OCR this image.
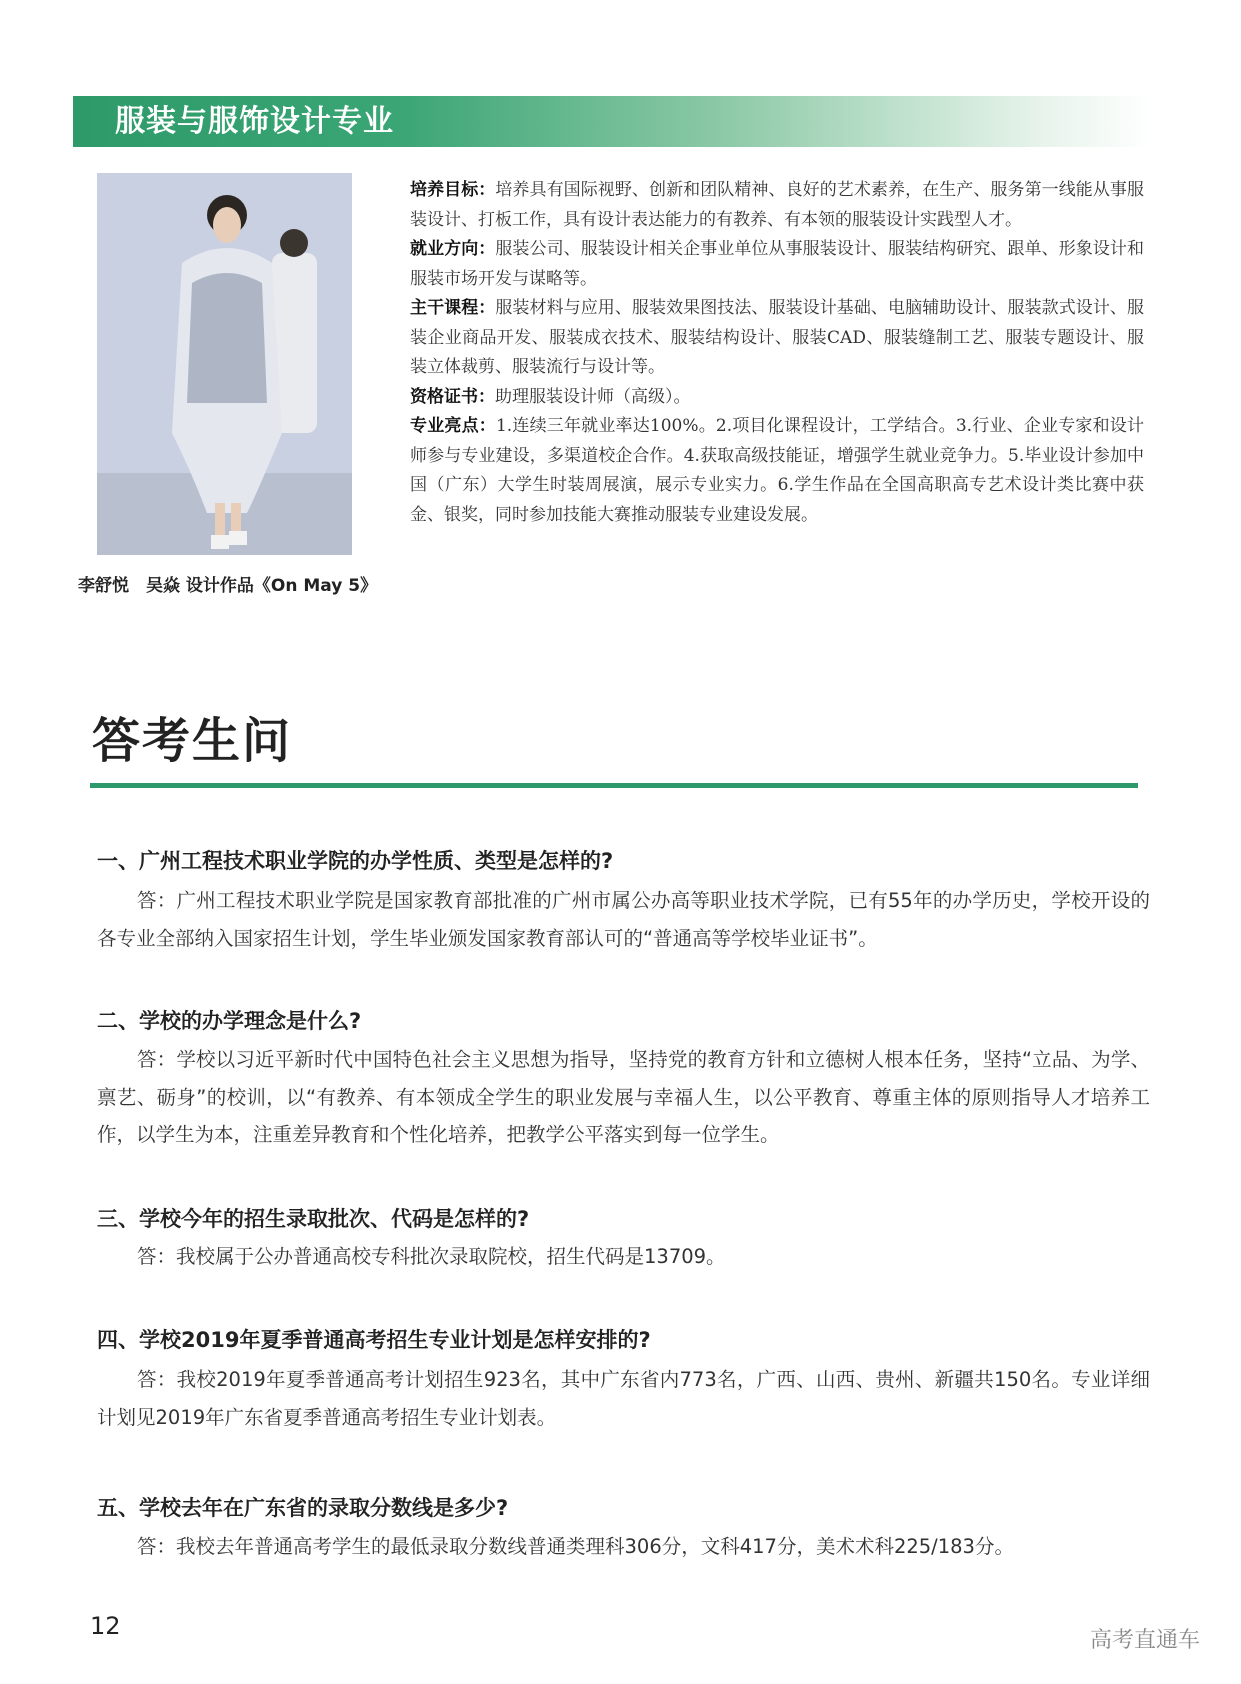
服装与服饰设计专业
李舒悦　吴焱 设计作品《On May 5》

培养目标：培养具有国际视野、创新和团队精神、良好的艺术素养，在生产、服务第一线能从事服装设计、打板工作，具有设计表达能力的有教养、有本领的服装设计实践型人才。

就业方向：服装公司、服装设计相关企事业单位从事服装设计、服装结构研究、跟单、形象设计和服装市场开发与谋略等。

主干课程：服装材料与应用、服装效果图技法、服装设计基础、电脑辅助设计、服装款式设计、服装企业商品开发、服装成衣技术、服装结构设计、服装CAD、服装缝制工艺、服装专题设计、服装立体裁剪、服装流行与设计等。

资格证书：助理服装设计师（高级）。

专业亮点：1.连续三年就业率达100%。2.项目化课程设计，工学结合。3.行业、企业专家和设计师参与专业建设，多渠道校企合作。4.获取高级技能证，增强学生就业竞争力。5.毕业设计参加中国（广东）大学生时装周展演，展示专业实力。6.学生作品在全国高职高专艺术设计类比赛中获金、银奖，同时参加技能大赛推动服装专业建设发展。

答考生问
一、广州工程技术职业学院的办学性质、类型是怎样的?

答：广州工程技术职业学院是国家教育部批准的广州市属公办高等职业技术学院，已有55年的办学历史，学校开设的各专业全部纳入国家招生计划，学生毕业颁发国家教育部认可的“普通高等学校毕业证书”。

二、学校的办学理念是什么?

答：学校以习近平新时代中国特色社会主义思想为指导，坚持党的教育方针和立德树人根本任务，坚持“立品、为学、禀艺、砺身”的校训，以“有教养、有本领成全学生的职业发展与幸福人生，以公平教育、尊重主体的原则指导人才培养工作，以学生为本，注重差异教育和个性化培养，把教学公平落实到每一位学生。

三、学校今年的招生录取批次、代码是怎样的?

答：我校属于公办普通高校专科批次录取院校，招生代码是13709。

四、学校2019年夏季普通高考招生专业计划是怎样安排的?

答：我校2019年夏季普通高考计划招生923名，其中广东省内773名，广西、山西、贵州、新疆共150名。专业详细计划见2019年广东省夏季普通高考招生专业计划表。

五、学校去年在广东省的录取分数线是多少?

答：我校去年普通高考学生的最低录取分数线普通类理科306分，文科417分，美术术科225/183分。

12
高考直通车
